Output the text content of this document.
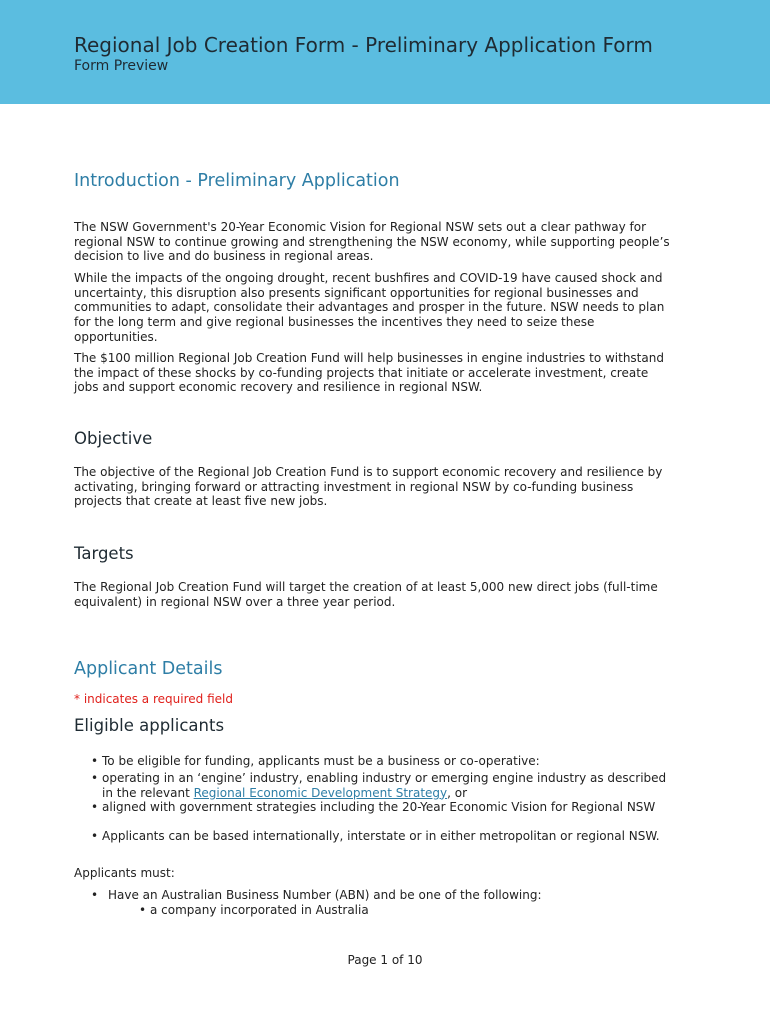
Regional Job Creation Form - Preliminary Application Form
Form Preview
Introduction - Preliminary Application

The NSW Government's 20-Year Economic Vision for Regional NSW sets out a clear pathway for regional NSW to continue growing and strengthening the NSW economy, while supporting people’s decision to live and do business in regional areas.

While the impacts of the ongoing drought, recent bushfires and COVID-19 have caused shock and uncertainty, this disruption also presents significant opportunities for regional businesses and communities to adapt, consolidate their advantages and prosper in the future. NSW needs to plan for the long term and give regional businesses the incentives they need to seize these opportunities.

The $100 million Regional Job Creation Fund will help businesses in engine industries to withstand the impact of these shocks by co-funding projects that initiate or accelerate investment, create jobs and support economic recovery and resilience in regional NSW.

Objective

The objective of the Regional Job Creation Fund is to support economic recovery and resilience by activating, bringing forward or attracting investment in regional NSW by co-funding business projects that create at least five new jobs.

Targets

The Regional Job Creation Fund will target the creation of at least 5,000 new direct jobs (full-time equivalent) in regional NSW over a three year period.

Applicant Details
* indicates a required field
Eligible applicants
• To be eligible for funding, applicants must be a business or co-operative:
• operating in an ‘engine’ industry, enabling industry or emerging engine industry as described in the relevant Regional Economic Development Strategy, or
• aligned with government strategies including the 20-Year Economic Vision for Regional NSW
• Applicants can be based internationally, interstate or in either metropolitan or regional NSW.
Applicants must:
• Have an Australian Business Number (ABN) and be one of the following:
• a company incorporated in Australia
Page 1 of 10
